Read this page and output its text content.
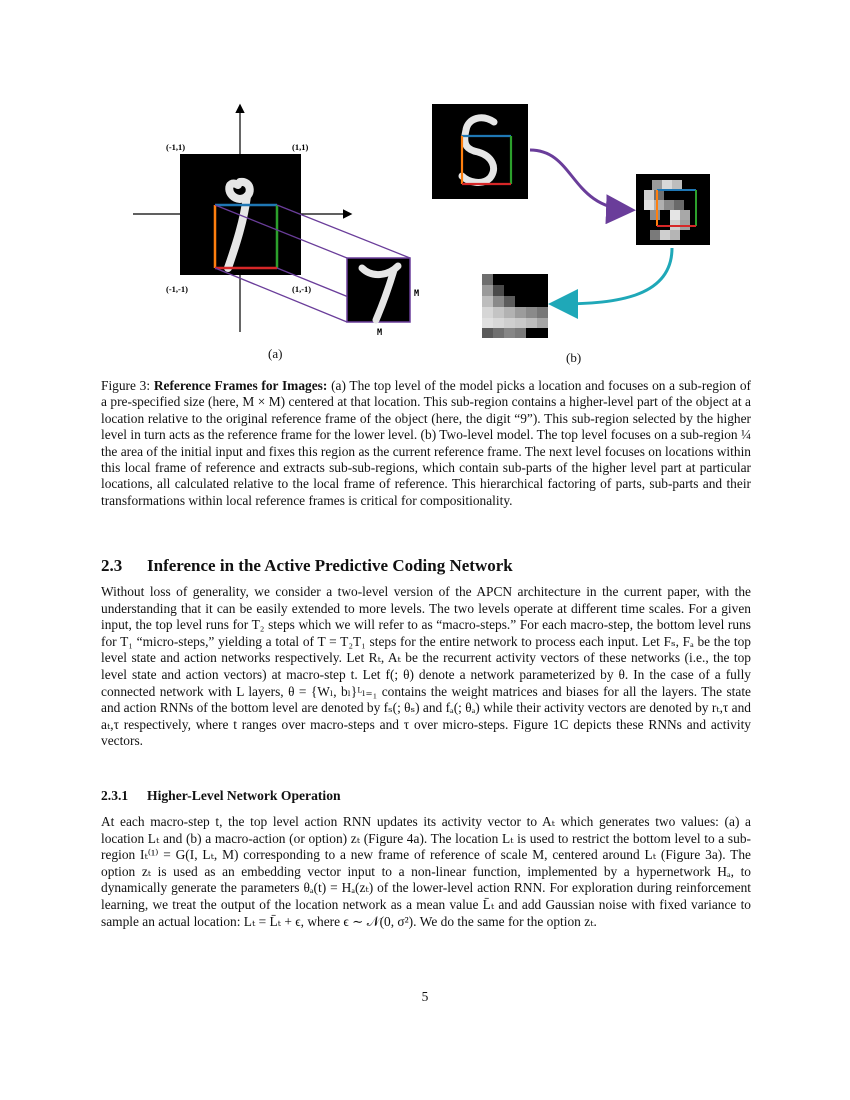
(-1,1)	(1,1)
(-1,-1)	(1,-1)	M
M
(a)	(b)
Figure 3: Reference Frames for Images: (a) The top level of the model picks a location and focuses on a sub-region of a pre-specified size (here, M × M) centered at that location. This sub-region contains a higher-level part of the object at a location relative to the original reference frame of the object (here, the digit “9”). This sub-region selected by the higher level in turn acts as the reference frame for the lower level. (b) Two-level model. The top level focuses on a sub-region ¼ the area of the initial input and fixes this region as the current reference frame. The next level focuses on locations within this local frame of reference and extracts sub-sub-regions, which contain sub-parts of the higher level part at particular locations, all calculated relative to the local frame of reference. This hierarchical factoring of parts, sub-parts and their transformations within local reference frames is critical for compositionality.
2.3 Inference in the Active Predictive Coding Network
Without loss of generality, we consider a two-level version of the APCN architecture in the current paper, with the understanding that it can be easily extended to more levels. The two levels operate at different time scales. For a given input, the top level runs for T₂ steps which we will refer to as “macro-steps.” For each macro-step, the bottom level runs for T₁ “micro-steps,” yielding a total of T = T₂T₁ steps for the entire network to process each input. Let Fₛ, Fₐ be the top level state and action networks respectively. Let Rₜ, Aₜ be the recurrent activity vectors of these networks (i.e., the top level state and action vectors) at macro-step t. Let f(; θ) denote a network parameterized by θ. In the case of a fully connected network with L layers, θ = {Wₗ, bₗ}ᴸₗ₌₁ contains the weight matrices and biases for all the layers. The state and action RNNs of the bottom level are denoted by fₛ(; θₛ) and fₐ(; θₐ) while their activity vectors are denoted by rₜ,τ and aₜ,τ respectively, where t ranges over macro-steps and τ over micro-steps. Figure 1C depicts these RNNs and activity vectors.
2.3.1 Higher-Level Network Operation
At each macro-step t, the top level action RNN updates its activity vector to Aₜ which generates two values: (a) a location Lₜ and (b) a macro-action (or option) zₜ (Figure 4a). The location Lₜ is used to restrict the bottom level to a sub-region Iₜ⁽¹⁾ = G(I, Lₜ, M) corresponding to a new frame of reference of scale M, centered around Lₜ (Figure 3a). The option zₜ is used as an embedding vector input to a non-linear function, implemented by a hypernetwork Hₐ, to dynamically generate the parameters θₐ(t) = Hₐ(zₜ) of the lower-level action RNN. For exploration during reinforcement learning, we treat the output of the location network as a mean value L̄ₜ and add Gaussian noise with fixed variance to sample an actual location: Lₜ = L̄ₜ + ϵ, where ϵ ∼ 𝒩(0, σ²). We do the same for the option zₜ.
5
